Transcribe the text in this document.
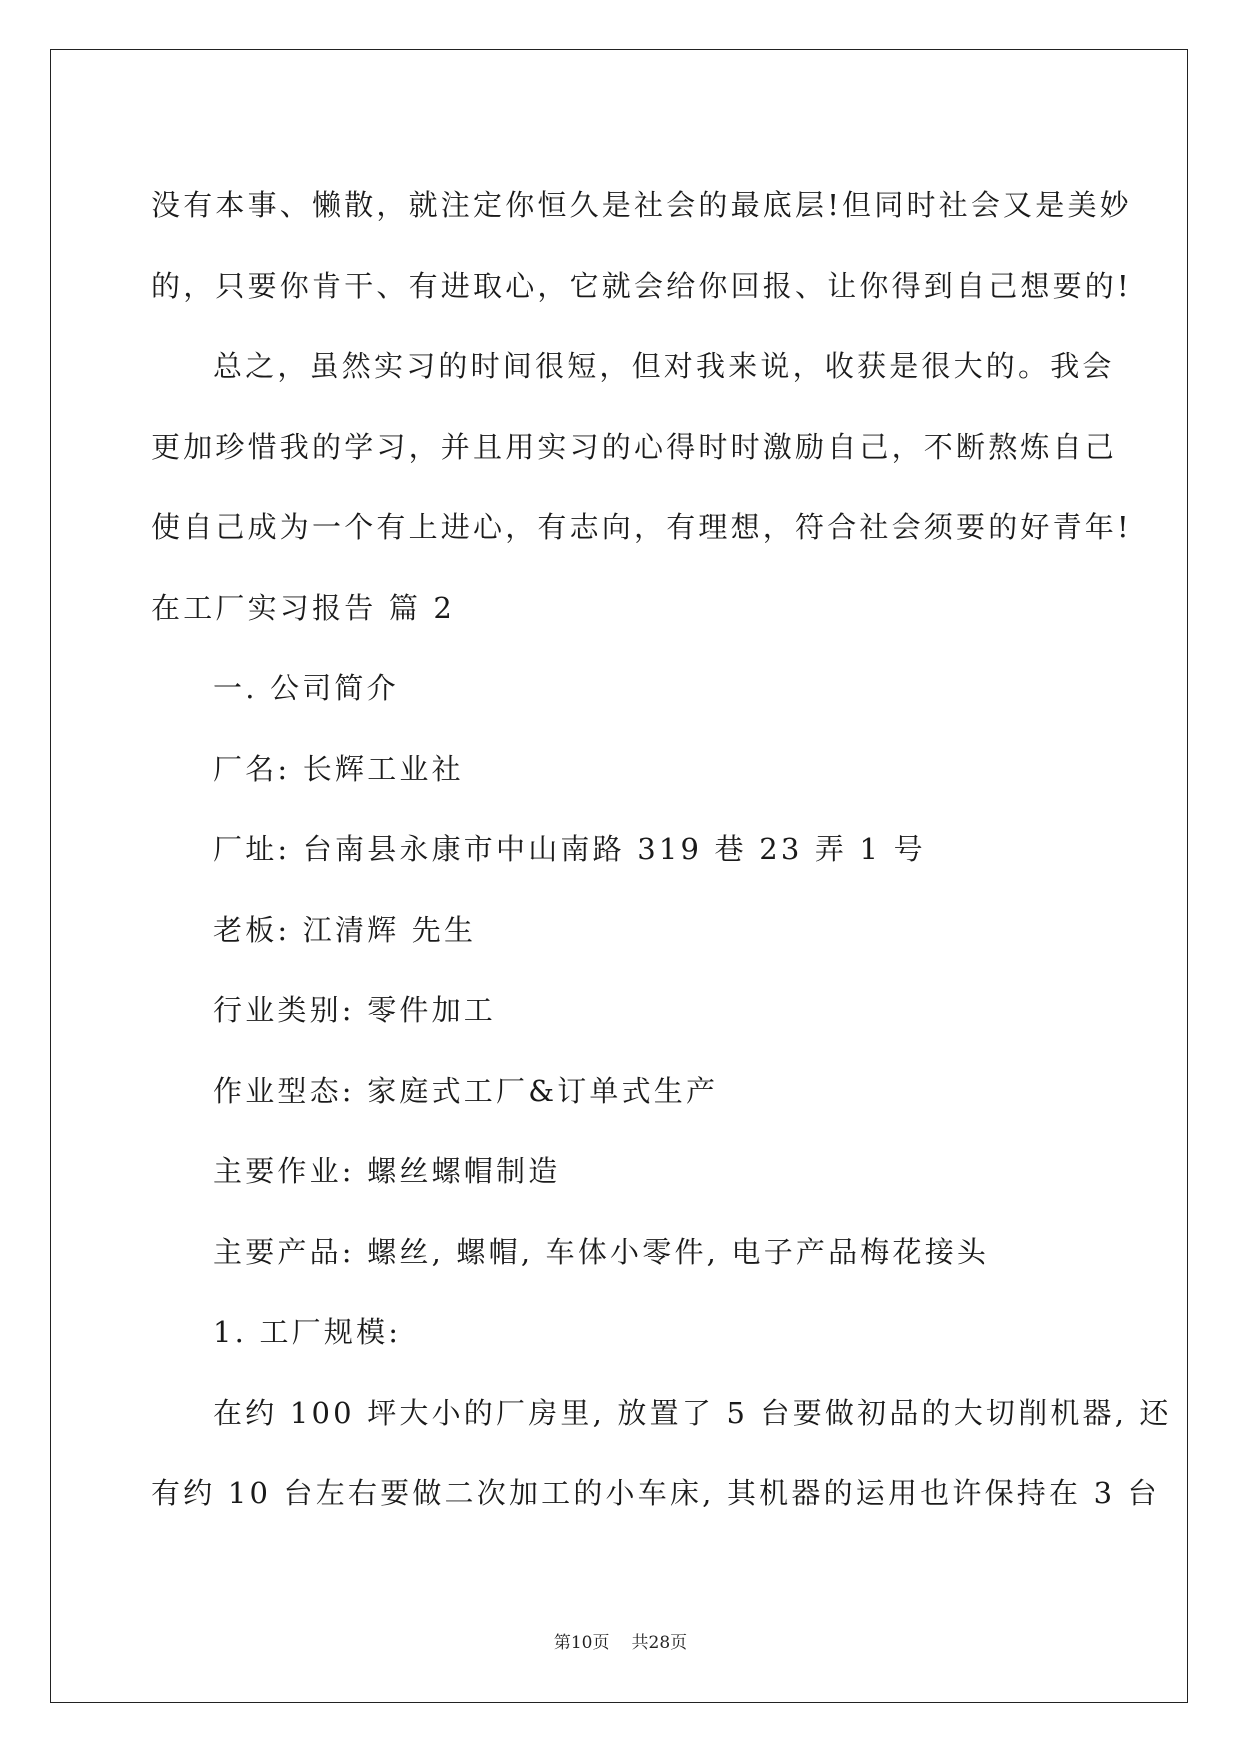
没有本事、懒散，就注定你恒久是社会的最底层!但同时社会又是美妙
的，只要你肯干、有进取心，它就会给你回报、让你得到自己想要的!
总之，虽然实习的时间很短，但对我来说，收获是很大的。我会
更加珍惜我的学习，并且用实习的心得时时激励自己，不断熬炼自己
使自己成为一个有上进心，有志向，有理想，符合社会须要的好青年!
在工厂实习报告 篇 2
一. 公司简介
厂名: 长辉工业社
厂址: 台南县永康市中山南路 319 巷 23 弄 1 号
老板: 江清辉 先生
行业类别: 零件加工
作业型态: 家庭式工厂&订单式生产
主要作业: 螺丝螺帽制造
主要产品: 螺丝, 螺帽, 车体小零件, 电子产品梅花接头
1. 工厂规模:
在约 100 坪大小的厂房里, 放置了 5 台要做初品的大切削机器, 还
有约 10 台左右要做二次加工的小车床, 其机器的运用也许保持在 3 台
第10页 共28页
